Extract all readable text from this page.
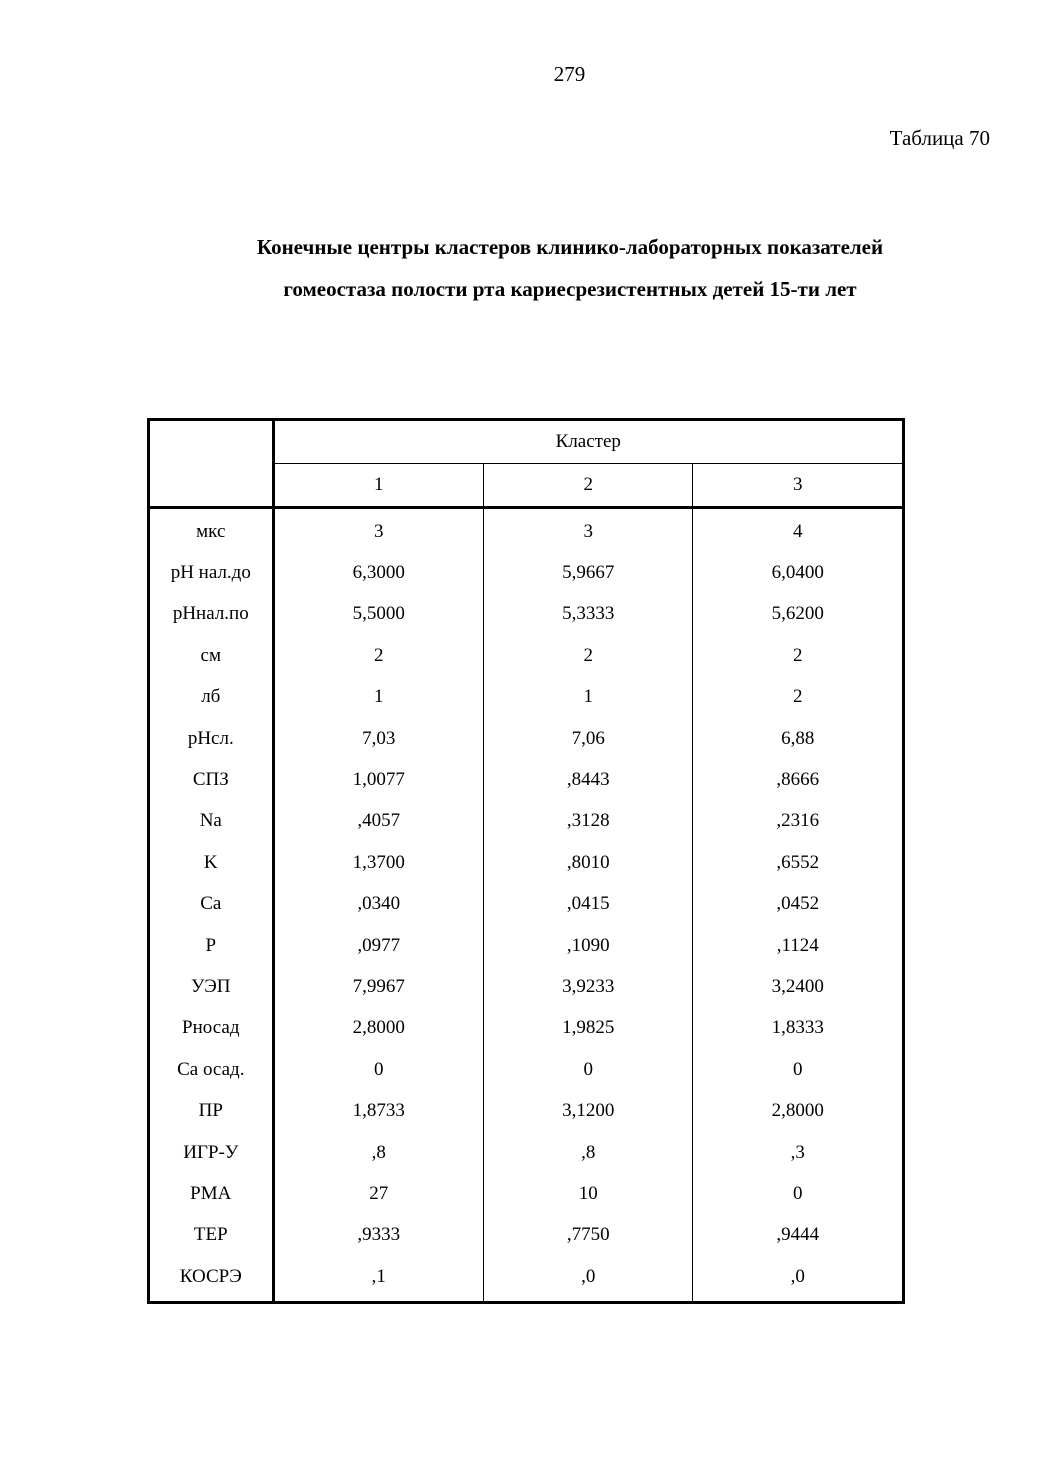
279
Таблица 70
Конечные центры кластеров клинико-лабораторных показателей
гомеостаза полости рта кариесрезистентных детей 15-ти лет
	Кластер		
	1	2	3
мкс	3	3	4
pH нал.до	6,3000	5,9667	6,0400
pHнал.по	5,5000	5,3333	5,6200
см	2	2	2
лб	1	1	2
pHсл.	7,03	7,06	6,88
СПЗ	1,0077	,8443	,8666
Na	,4057	,3128	,2316
K	1,3700	,8010	,6552
Ca	,0340	,0415	,0452
P	,0977	,1090	,1124
УЭП	7,9967	3,9233	3,2400
Pносад	2,8000	1,9825	1,8333
Ca осад.	0	0	0
ПР	1,8733	3,1200	2,8000
ИГР-У	,8	,8	,3
PMA	27	10	0
ТЕР	,9333	,7750	,9444
КОСРЭ	,1	,0	,0
